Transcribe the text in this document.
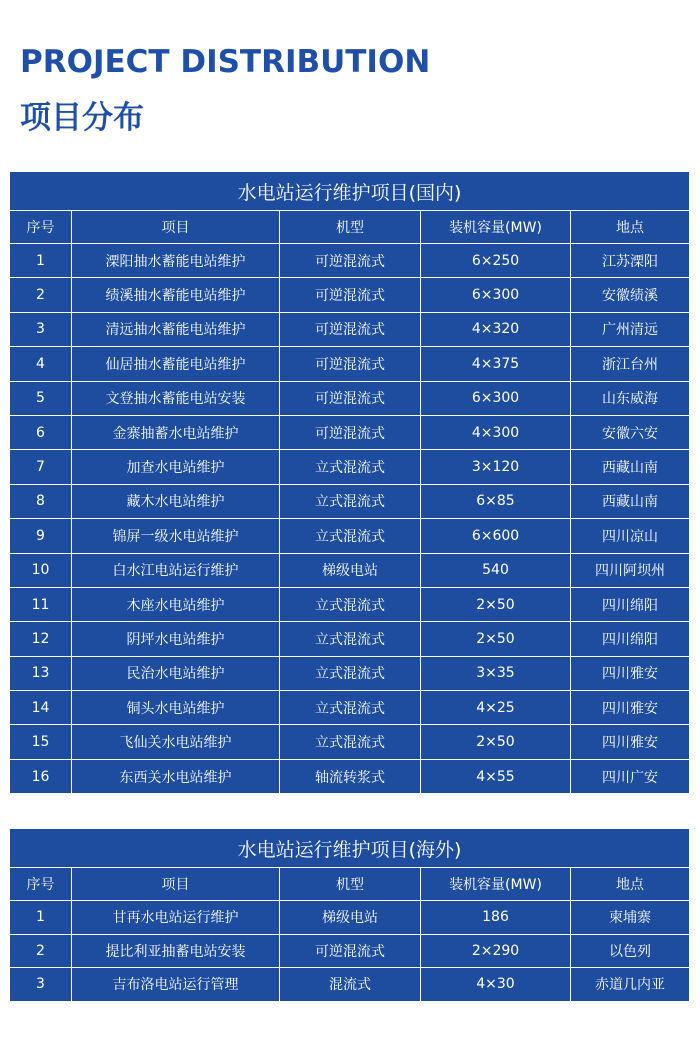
PROJECT DISTRIBUTION
项目分布
水电站运行维护项目(国内)				
序号	项目	机型	装机容量(MW)	地点
1	溧阳抽水蓄能电站维护	可逆混流式	6×250	江苏溧阳
2	绩溪抽水蓄能电站维护	可逆混流式	6×300	安徽绩溪
3	清远抽水蓄能电站维护	可逆混流式	4×320	广州清远
4	仙居抽水蓄能电站维护	可逆混流式	4×375	浙江台州
5	文登抽水蓄能电站安装	可逆混流式	6×300	山东威海
6	金寨抽蓄水电站维护	可逆混流式	4×300	安徽六安
7	加查水电站维护	立式混流式	3×120	西藏山南
8	藏木水电站维护	立式混流式	6×85	西藏山南
9	锦屏一级水电站维护	立式混流式	6×600	四川凉山
10	白水江电站运行维护	梯级电站	540	四川阿坝州
11	木座水电站维护	立式混流式	2×50	四川绵阳
12	阴坪水电站维护	立式混流式	2×50	四川绵阳
13	民治水电站维护	立式混流式	3×35	四川雅安
14	铜头水电站维护	立式混流式	4×25	四川雅安
15	飞仙关水电站维护	立式混流式	2×50	四川雅安
16	东西关水电站维护	轴流转浆式	4×55	四川广安
水电站运行维护项目(海外)				
序号	项目	机型	装机容量(MW)	地点
1	甘再水电站运行维护	梯级电站	186	柬埔寨
2	提比利亚抽蓄电站安装	可逆混流式	2×290	以色列
3	吉布洛电站运行管理	混流式	4×30	赤道几内亚
